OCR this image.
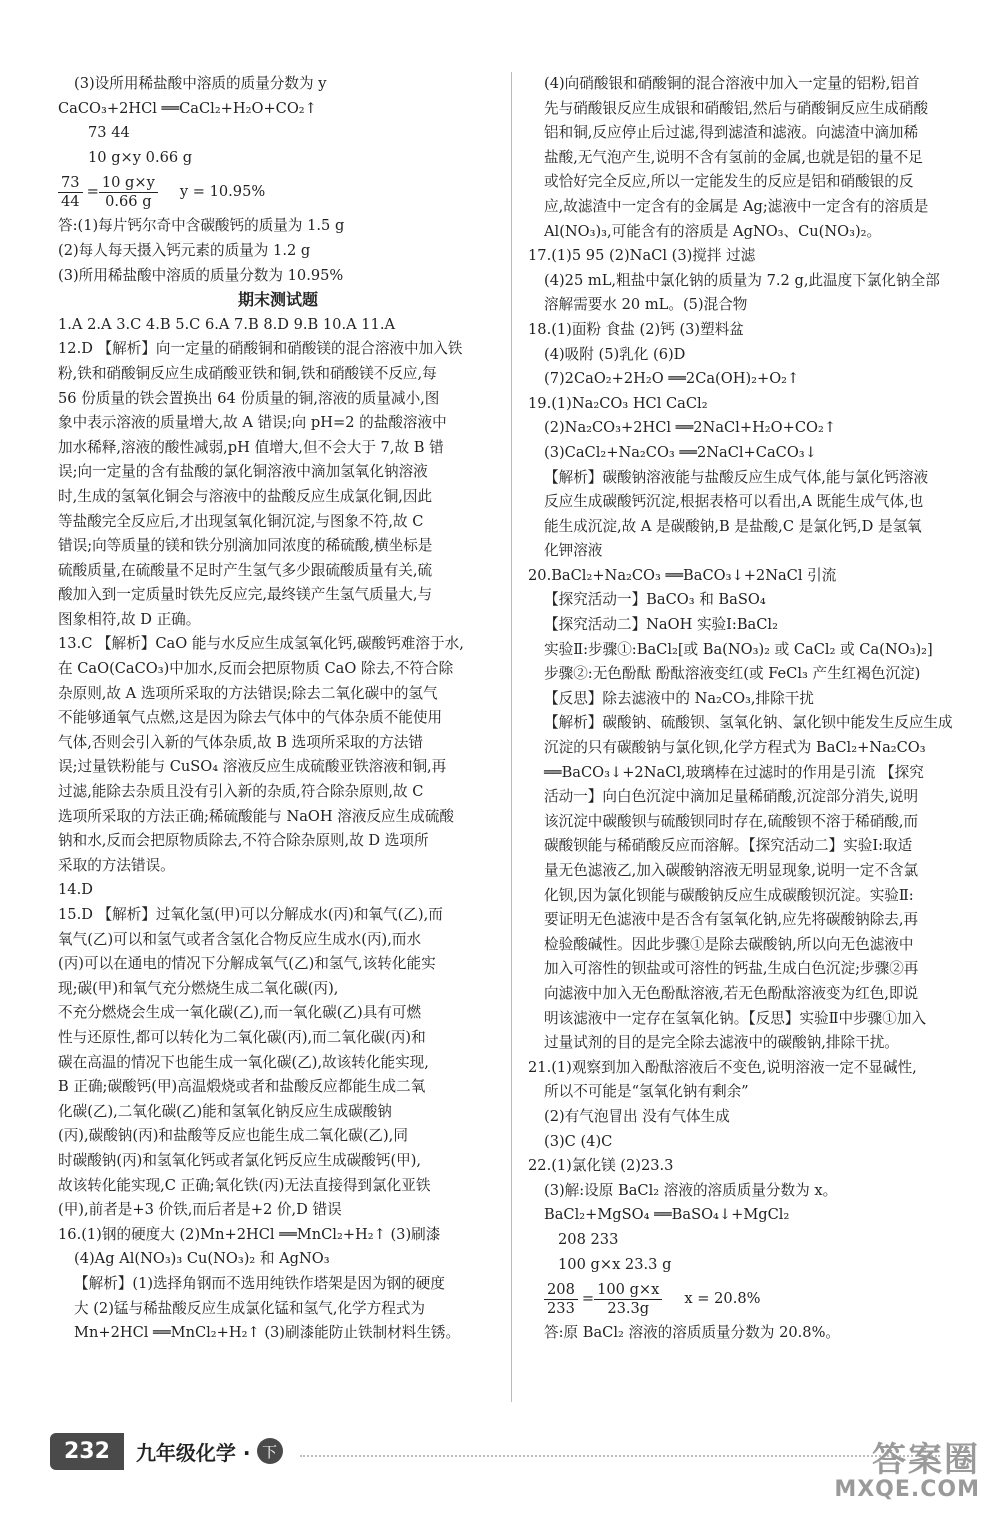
(3)设所用稀盐酸中溶质的质量分数为 y
CaCO₃+2HCl ══CaCl₂+H₂O+CO₂↑
73 44
10 g×y 0.66 g
$\frac{73}{44} = \frac{10 g\times y}{0.66 g}$ y = 10.95%
答:(1)每片钙尔奇中含碳酸钙的质量为 1.5 g
(2)每人每天摄入钙元素的质量为 1.2 g
(3)所用稀盐酸中溶质的质量分数为 10.95%
期末测试题
1.A 2.A 3.C 4.B 5.C 6.A 7.B 8.D 9.B 10.A 11.A
12.D 【解析】向一定量的硝酸铜和硝酸镁的混合溶液中加入铁
粉,铁和硝酸铜反应生成硝酸亚铁和铜,铁和硝酸镁不反应,每
56 份质量的铁会置换出 64 份质量的铜,溶液的质量减小,图
象中表示溶液的质量增大,故 A 错误;向 pH=2 的盐酸溶液中
加水稀释,溶液的酸性减弱,pH 值增大,但不会大于 7,故 B 错
误;向一定量的含有盐酸的氯化铜溶液中滴加氢氧化钠溶液
时,生成的氢氧化铜会与溶液中的盐酸反应生成氯化铜,因此
等盐酸完全反应后,才出现氢氧化铜沉淀,与图象不符,故 C
错误;向等质量的镁和铁分别滴加同浓度的稀硫酸,横坐标是
硫酸质量,在硫酸量不足时产生氢气多少跟硫酸质量有关,硫
酸加入到一定质量时铁先反应完,最终镁产生氢气质量大,与
图象相符,故 D 正确。
13.C 【解析】CaO 能与水反应生成氢氧化钙,碳酸钙难溶于水,
在 CaO(CaCO₃)中加水,反而会把原物质 CaO 除去,不符合除
杂原则,故 A 选项所采取的方法错误;除去二氧化碳中的氢气
不能够通氧气点燃,这是因为除去气体中的气体杂质不能使用
气体,否则会引入新的气体杂质,故 B 选项所采取的方法错
误;过量铁粉能与 CuSO₄ 溶液反应生成硫酸亚铁溶液和铜,再
过滤,能除去杂质且没有引入新的杂质,符合除杂原则,故 C
选项所采取的方法正确;稀硫酸能与 NaOH 溶液反应生成硫酸
钠和水,反而会把原物质除去,不符合除杂原则,故 D 选项所
采取的方法错误。
14.D
15.D 【解析】过氧化氢(甲)可以分解成水(丙)和氧气(乙),而
氧气(乙)可以和氢气或者含氢化合物反应生成水(丙),而水
(丙)可以在通电的情况下分解成氧气(乙)和氢气,该转化能实
现;碳(甲)和氧气充分燃烧生成二氧化碳(丙),
不充分燃烧会生成一氧化碳(乙),而一氧化碳(乙)具有可燃
性与还原性,都可以转化为二氧化碳(丙),而二氧化碳(丙)和
碳在高温的情况下也能生成一氧化碳(乙),故该转化能实现,
B 正确;碳酸钙(甲)高温煅烧或者和盐酸反应都能生成二氧
化碳(乙),二氧化碳(乙)能和氢氧化钠反应生成碳酸钠
(丙),碳酸钠(丙)和盐酸等反应也能生成二氧化碳(乙),同
时碳酸钠(丙)和氢氧化钙或者氯化钙反应生成碳酸钙(甲),
故该转化能实现,C 正确;氧化铁(丙)无法直接得到氯化亚铁
(甲),前者是+3 价铁,而后者是+2 价,D 错误
16.(1)钢的硬度大 (2)Mn+2HCl ══MnCl₂+H₂↑ (3)刷漆
(4)Ag Al(NO₃)₃ Cu(NO₃)₂ 和 AgNO₃
【解析】(1)选择角钢而不选用纯铁作塔架是因为钢的硬度
大 (2)锰与稀盐酸反应生成氯化锰和氢气,化学方程式为
Mn+2HCl ══MnCl₂+H₂↑ (3)刷漆能防止铁制材料生锈。
(4)向硝酸银和硝酸铜的混合溶液中加入一定量的铝粉,铝首
先与硝酸银反应生成银和硝酸铝,然后与硝酸铜反应生成硝酸
铝和铜,反应停止后过滤,得到滤渣和滤液。向滤渣中滴加稀
盐酸,无气泡产生,说明不含有氢前的金属,也就是铝的量不足
或恰好完全反应,所以一定能发生的反应是铝和硝酸银的反
应,故滤渣中一定含有的金属是 Ag;滤液中一定含有的溶质是
Al(NO₃)₃,可能含有的溶质是 AgNO₃、Cu(NO₃)₂。
17.(1)5 95 (2)NaCl (3)搅拌 过滤
(4)25 mL,粗盐中氯化钠的质量为 7.2 g,此温度下氯化钠全部
溶解需要水 20 mL。(5)混合物
18.(1)面粉 食盐 (2)钙 (3)塑料盆
(4)吸附 (5)乳化 (6)D
(7)2CaO₂+2H₂O ══2Ca(OH)₂+O₂↑
19.(1)Na₂CO₃ HCl CaCl₂
(2)Na₂CO₃+2HCl ══2NaCl+H₂O+CO₂↑
(3)CaCl₂+Na₂CO₃ ══2NaCl+CaCO₃↓
【解析】碳酸钠溶液能与盐酸反应生成气体,能与氯化钙溶液
反应生成碳酸钙沉淀,根据表格可以看出,A 既能生成气体,也
能生成沉淀,故 A 是碳酸钠,B 是盐酸,C 是氯化钙,D 是氢氧
化钾溶液
20.BaCl₂+Na₂CO₃ ══BaCO₃↓+2NaCl 引流
【探究活动一】BaCO₃ 和 BaSO₄
【探究活动二】NaOH 实验Ⅰ:BaCl₂
实验Ⅱ:步骤①:BaCl₂[或 Ba(NO₃)₂ 或 CaCl₂ 或 Ca(NO₃)₂]
步骤②:无色酚酞 酚酞溶液变红(或 FeCl₃ 产生红褐色沉淀)
【反思】除去滤液中的 Na₂CO₃,排除干扰
【解析】碳酸钠、硫酸钡、氢氧化钠、氯化钡中能发生反应生成
沉淀的只有碳酸钠与氯化钡,化学方程式为 BaCl₂+Na₂CO₃
══BaCO₃↓+2NaCl,玻璃棒在过滤时的作用是引流 【探究
活动一】向白色沉淀中滴加足量稀硝酸,沉淀部分消失,说明
该沉淀中碳酸钡与硫酸钡同时存在,硫酸钡不溶于稀硝酸,而
碳酸钡能与稀硝酸反应而溶解。【探究活动二】实验Ⅰ:取适
量无色滤液乙,加入碳酸钠溶液无明显现象,说明一定不含氯
化钡,因为氯化钡能与碳酸钠反应生成碳酸钡沉淀。实验Ⅱ:
要证明无色滤液中是否含有氢氧化钠,应先将碳酸钠除去,再
检验酸碱性。因此步骤①是除去碳酸钠,所以向无色滤液中
加入可溶性的钡盐或可溶性的钙盐,生成白色沉淀;步骤②再
向滤液中加入无色酚酞溶液,若无色酚酞溶液变为红色,即说
明该滤液中一定存在氢氧化钠。【反思】实验Ⅱ中步骤①加入
过量试剂的目的是完全除去滤液中的碳酸钠,排除干扰。
21.(1)观察到加入酚酞溶液后不变色,说明溶液一定不显碱性,
所以不可能是“氢氧化钠有剩余”
(2)有气泡冒出 没有气体生成
(3)C (4)C
22.(1)氯化镁 (2)23.3
(3)解:设原 BaCl₂ 溶液的溶质质量分数为 x。
BaCl₂+MgSO₄ ══BaSO₄↓+MgCl₂
208 233
100 g×x 23.3 g
$\frac{208}{233} = \frac{100 g\times x}{23.3g}$ x = 20.8%
答:原 BaCl₂ 溶液的溶质质量分数为 20.8%。
232	九年级化学 · 下	答案圈
MXQE.COM
